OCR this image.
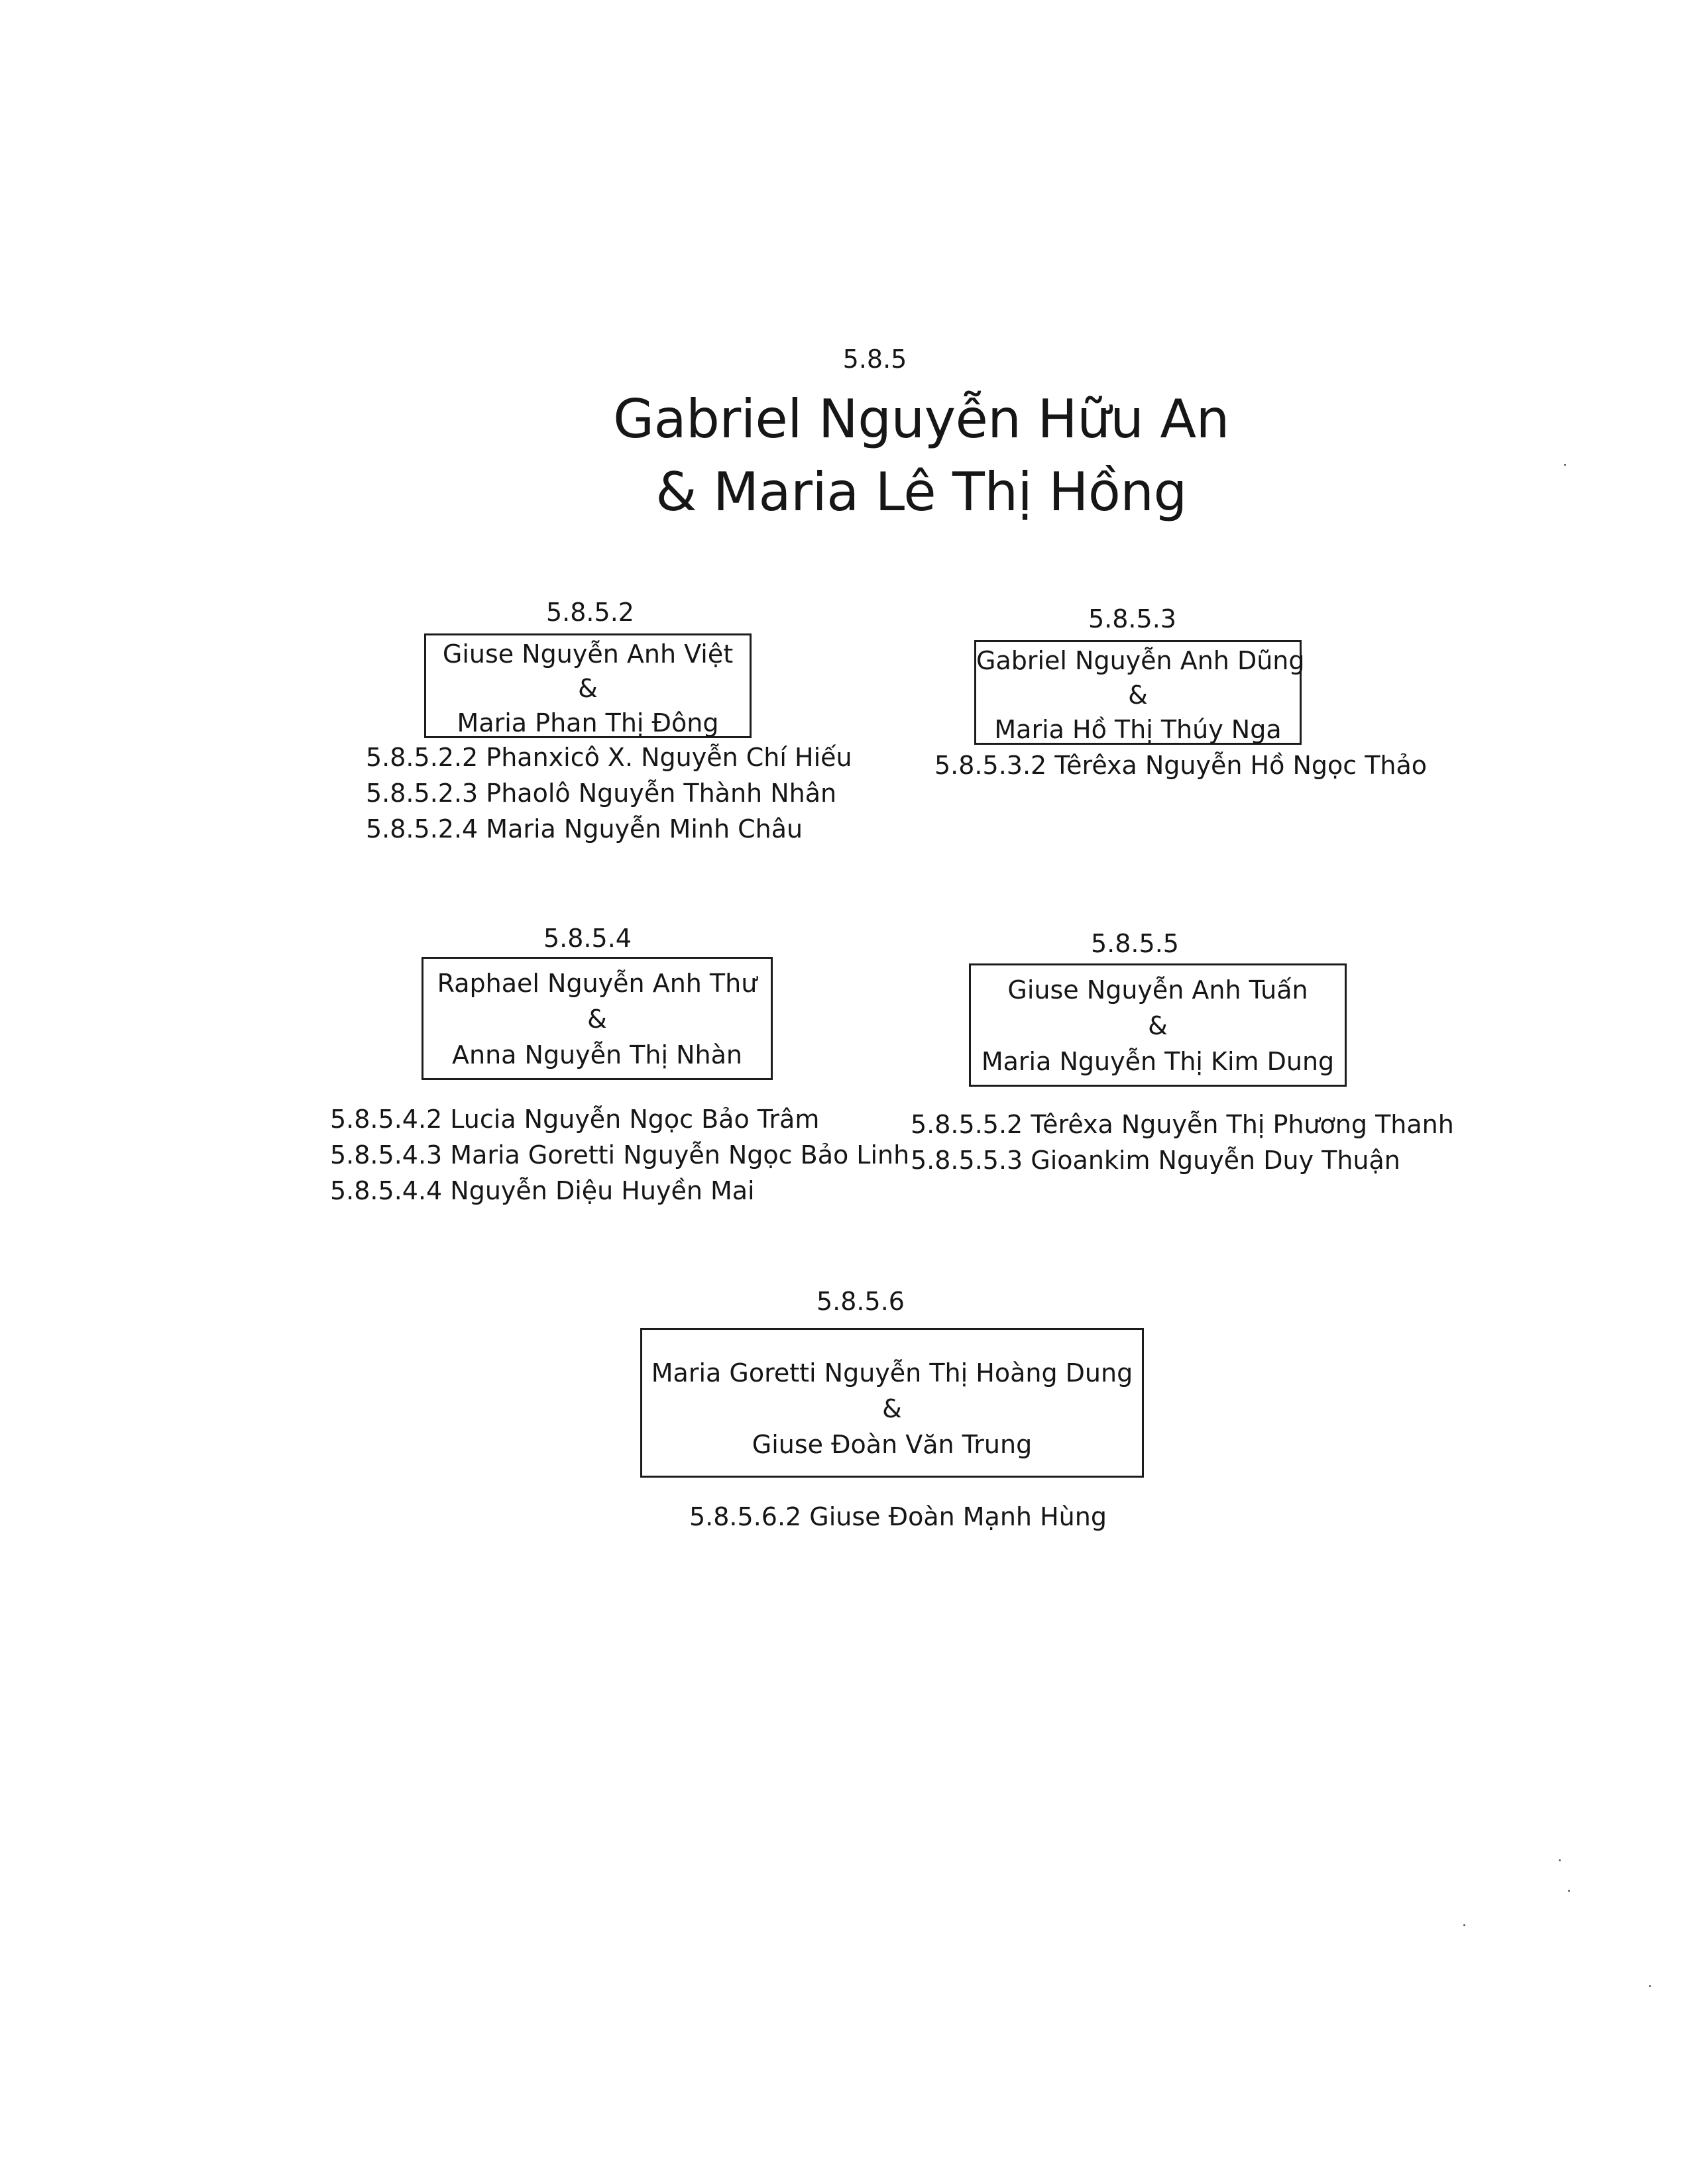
5.8.5
Gabriel Nguyễn Hữu An
& Maria Lê Thị Hồng
5.8.5.2
Giuse Nguyễn Anh Việt
&
Maria Phan Thị Đông
5.8.5.2.2 Phanxicô X. Nguyễn Chí Hiếu
5.8.5.2.3 Phaolô Nguyễn Thành Nhân
5.8.5.2.4 Maria Nguyễn Minh Châu
5.8.5.3
Gabriel Nguyễn Anh Dũng
&
Maria Hồ Thị Thúy Nga
5.8.5.3.2 Têrêxa Nguyễn Hồ Ngọc Thảo
5.8.5.4
Raphael Nguyễn Anh Thư
&
Anna Nguyễn Thị Nhàn
5.8.5.4.2 Lucia Nguyễn Ngọc Bảo Trâm
5.8.5.4.3 Maria Goretti Nguyễn Ngọc Bảo Linh
5.8.5.4.4 Nguyễn Diệu Huyền Mai
5.8.5.5
Giuse Nguyễn Anh Tuấn
&
Maria Nguyễn Thị Kim Dung
5.8.5.5.2 Têrêxa Nguyễn Thị Phương Thanh
5.8.5.5.3 Gioankim Nguyễn Duy Thuận
5.8.5.6
Maria Goretti Nguyễn Thị Hoàng Dung
&
Giuse Đoàn Văn Trung
5.8.5.6.2 Giuse Đoàn Mạnh Hùng
